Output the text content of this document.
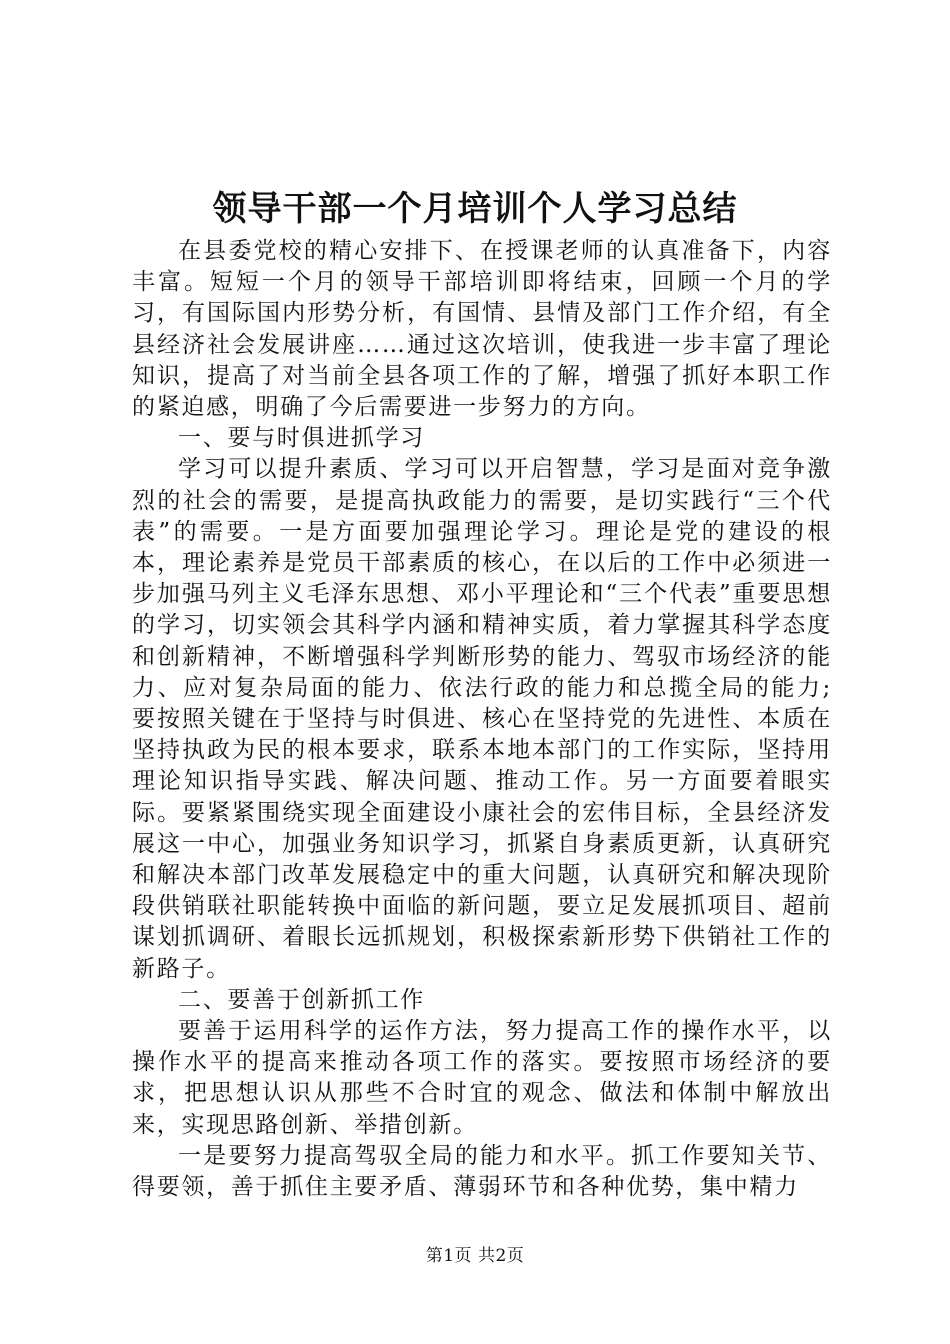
领导干部一个月培训个人学习总结

在县委党校的精心安排下、在授课老师的认真准备下，内容丰富。短短一个月的领导干部培训即将结束，回顾一个月的学习，有国际国内形势分析，有国情、县情及部门工作介绍，有全县经济社会发展讲座……通过这次培训，使我进一步丰富了理论知识，提高了对当前全县各项工作的了解，增强了抓好本职工作的紧迫感，明确了今后需要进一步努力的方向。

一、要与时俱进抓学习

学习可以提升素质、学习可以开启智慧，学习是面对竞争激烈的社会的需要，是提高执政能力的需要，是切实践行“三个代表”的需要。一是方面要加强理论学习。理论是党的建设的根本，理论素养是党员干部素质的核心，在以后的工作中必须进一步加强马列主义毛泽东思想、邓小平理论和“三个代表”重要思想的学习，切实领会其科学内涵和精神实质，着力掌握其科学态度和创新精神，不断增强科学判断形势的能力、驾驭市场经济的能力、应对复杂局面的能力、依法行政的能力和总揽全局的能力;要按照关键在于坚持与时俱进、核心在坚持党的先进性、本质在坚持执政为民的根本要求，联系本地本部门的工作实际，坚持用理论知识指导实践、解决问题、推动工作。另一方面要着眼实际。要紧紧围绕实现全面建设小康社会的宏伟目标，全县经济发展这一中心，加强业务知识学习，抓紧自身素质更新，认真研究和解决本部门改革发展稳定中的重大问题，认真研究和解决现阶段供销联社职能转换中面临的新问题，要立足发展抓项目、超前谋划抓调研、着眼长远抓规划，积极探索新形势下供销社工作的新路子。

二、要善于创新抓工作

要善于运用科学的运作方法，努力提高工作的操作水平，以操作水平的提高来推动各项工作的落实。要按照市场经济的要求，把思想认识从那些不合时宜的观念、做法和体制中解放出来，实现思路创新、举措创新。

一是要努力提高驾驭全局的能力和水平。抓工作要知关节、得要领，善于抓住主要矛盾、薄弱环节和各种优势，集中精力

第1页 共2页
